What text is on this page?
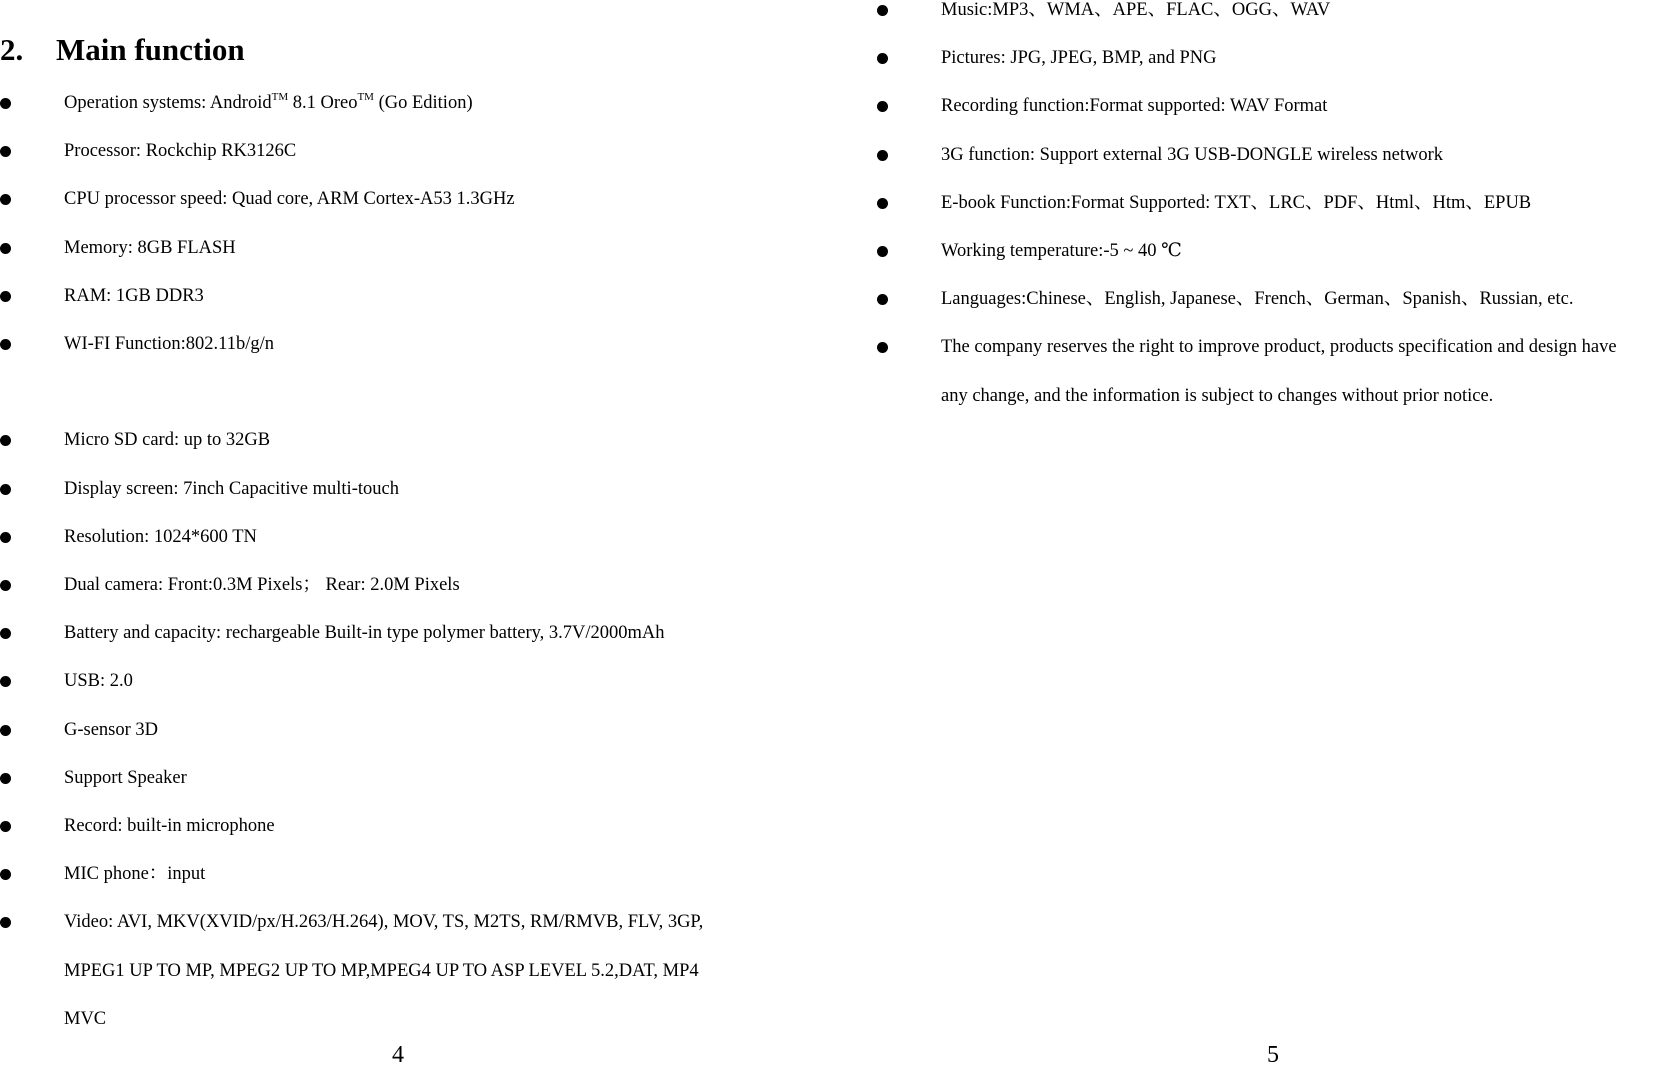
2. Main function
Operation systems: Android™ 8.1 Oreo™ (Go Edition)
Processor: Rockchip RK3126C
CPU processor speed: Quad core, ARM Cortex-A53 1.3GHz
Memory: 8GB FLASH
RAM: 1GB DDR3
WI-FI Function:802.11b/g/n
Micro SD card: up to 32GB
Display screen: 7inch Capacitive multi-touch
Resolution: 1024*600 TN
Dual camera: Front:0.3M Pixels； Rear: 2.0M Pixels
Battery and capacity: rechargeable Built-in type polymer battery, 3.7V/2000mAh
USB: 2.0
G-sensor 3D
Support Speaker
Record: built-in microphone
MIC phone：input
Video: AVI, MKV(XVID/px/H.263/H.264), MOV, TS, M2TS, RM/RMVB, FLV, 3GP,
MPEG1 UP TO MP, MPEG2 UP TO MP,MPEG4 UP TO ASP LEVEL 5.2,DAT, MP4
MVC
4
Music:MP3、WMA、APE、FLAC、OGG、WAV
Pictures: JPG, JPEG, BMP, and PNG
Recording function:Format supported: WAV Format
3G function: Support external 3G USB-DONGLE wireless network
E-book Function:Format Supported: TXT、LRC、PDF、Html、Htm、EPUB
Working temperature:-5 ~ 40 ℃
Languages:Chinese、English, Japanese、French、German、Spanish、Russian, etc.
The company reserves the right to improve product, products specification and design have
any change, and the information is subject to changes without prior notice.
5
